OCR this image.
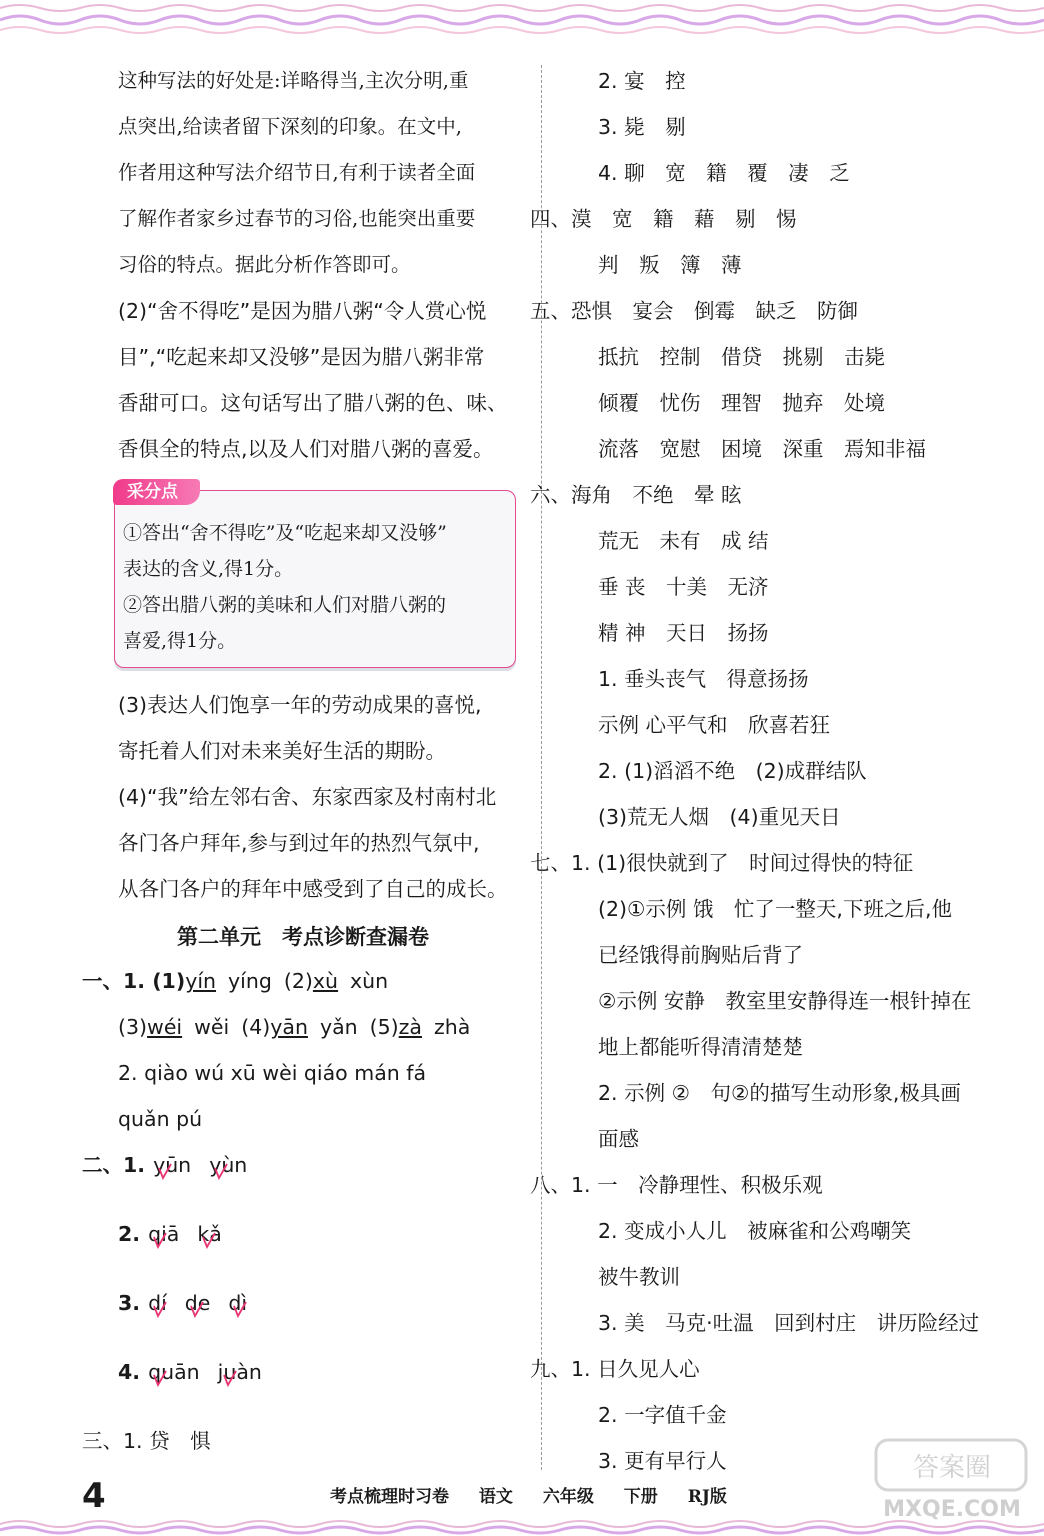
这种写法的好处是:详略得当,主次分明,重
点突出,给读者留下深刻的印象。在文中,
作者用这种写法介绍节日,有利于读者全面
了解作者家乡过春节的习俗,也能突出重要
习俗的特点。据此分析作答即可。
(2)“舍不得吃”是因为腊八粥“令人赏心悦
目”,“吃起来却又没够”是因为腊八粥非常
香甜可口。这句话写出了腊八粥的色、味、
香俱全的特点,以及人们对腊八粥的喜爱。
采分点
①答出“舍不得吃”及“吃起来却又没够”
表达的含义,得1分。
②答出腊八粥的美味和人们对腊八粥的
喜爱,得1分。
(3)表达人们饱享一年的劳动成果的喜悦,
寄托着人们对未来美好生活的期盼。
(4)“我”给左邻右舍、东家西家及村南村北
各门各户拜年,参与到过年的热烈气氛中,
从各门各户的拜年中感受到了自己的成长。
第二单元　考点诊断查漏卷
一、1. (1)yín yíng (2)xù xùn
(3)wéi wěi (4)yān yǎn (5)zà zhà
2. qiào wú xū wèi qiáo mán fá
quǎn pú
二、1. yūn yùn
2. qiā kǎ
3. dí de dì
4. quān juàn
三、1. 贷　惧
2. 宴　控
3. 毙　剔
4. 聊　宽　籍　覆　凄　乏
四、漠　宽　籍　藉　剔　惕
判　叛　簿　薄
五、恐惧　宴会　倒霉　缺乏　防御
抵抗　控制　借贷　挑剔　击毙
倾覆　忧伤　理智　抛弃　处境
流落　宽慰　困境　深重　焉知非福
六、海角　不绝　晕 眩
荒无　未有　成 结
垂 丧　十美　无济
精 神　天日　扬扬
1. 垂头丧气　得意扬扬
示例 心平气和　欣喜若狂
2. (1)滔滔不绝　(2)成群结队
(3)荒无人烟　(4)重见天日
七、1. (1)很快就到了　时间过得快的特征
(2)①示例 饿　忙了一整天,下班之后,他
已经饿得前胸贴后背了
②示例 安静　教室里安静得连一根针掉在
地上都能听得清清楚楚
2. 示例 ②　句②的描写生动形象,极具画
面感
八、1. 一　冷静理性、积极乐观
2. 变成小人儿　被麻雀和公鸡嘲笑
被牛教训
3. 美　马克·吐温　回到村庄　讲历险经过
九、1. 日久见人心
2. 一字值千金
3. 更有早行人
4	考点梳理时习卷 语文 六年级 下册 RJ版
答案圈
MXQE.COM
